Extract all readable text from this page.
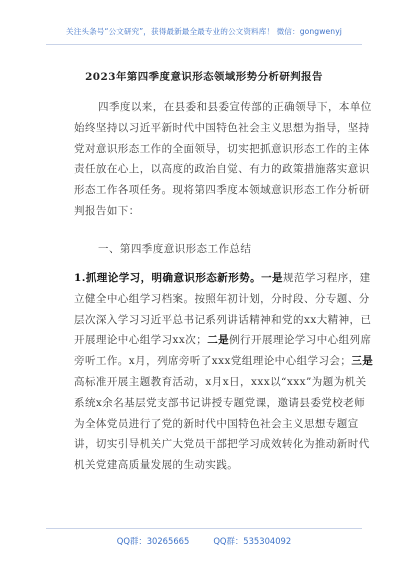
关注头条号“公文研究”，获得最新最全最专业的公文资料库！ 微信：gongwenyj
2023年第四季度意识形态领域形势分析研判报告
四季度以来，在县委和县委宣传部的正确领导下，本单位始终坚持以习近平新时代中国特色社会主义思想为指导，坚持党对意识形态工作的全面领导，切实把抓意识形态工作的主体责任放在心上，以高度的政治自觉、有力的政策措施落实意识形态工作各项任务。现将第四季度本领域意识形态工作分析研判报告如下：
一、第四季度意识形态工作总结
1.抓理论学习，明确意识形态新形势。一是规范学习程序，建立健全中心组学习档案。按照年初计划，分时段、分专题、分层次深入学习习近平总书记系列讲话精神和党的xx大精神，已开展理论中心组学习xx次；二是例行开展理论学习中心组列席旁听工作。x月，列席旁听了xxx党组理论中心组学习会；三是高标准开展主题教育活动，x月x日，xxx以“xxx”为题为机关系统x余名基层党支部书记讲授专题党课，邀请县委党校老师为全体党员进行了党的新时代中国特色社会主义思想专题宣讲，切实引导机关广大党员干部把学习成效转化为推动新时代机关党建高质量发展的生动实践。
QQ群：30265665	QQ群：535304092
